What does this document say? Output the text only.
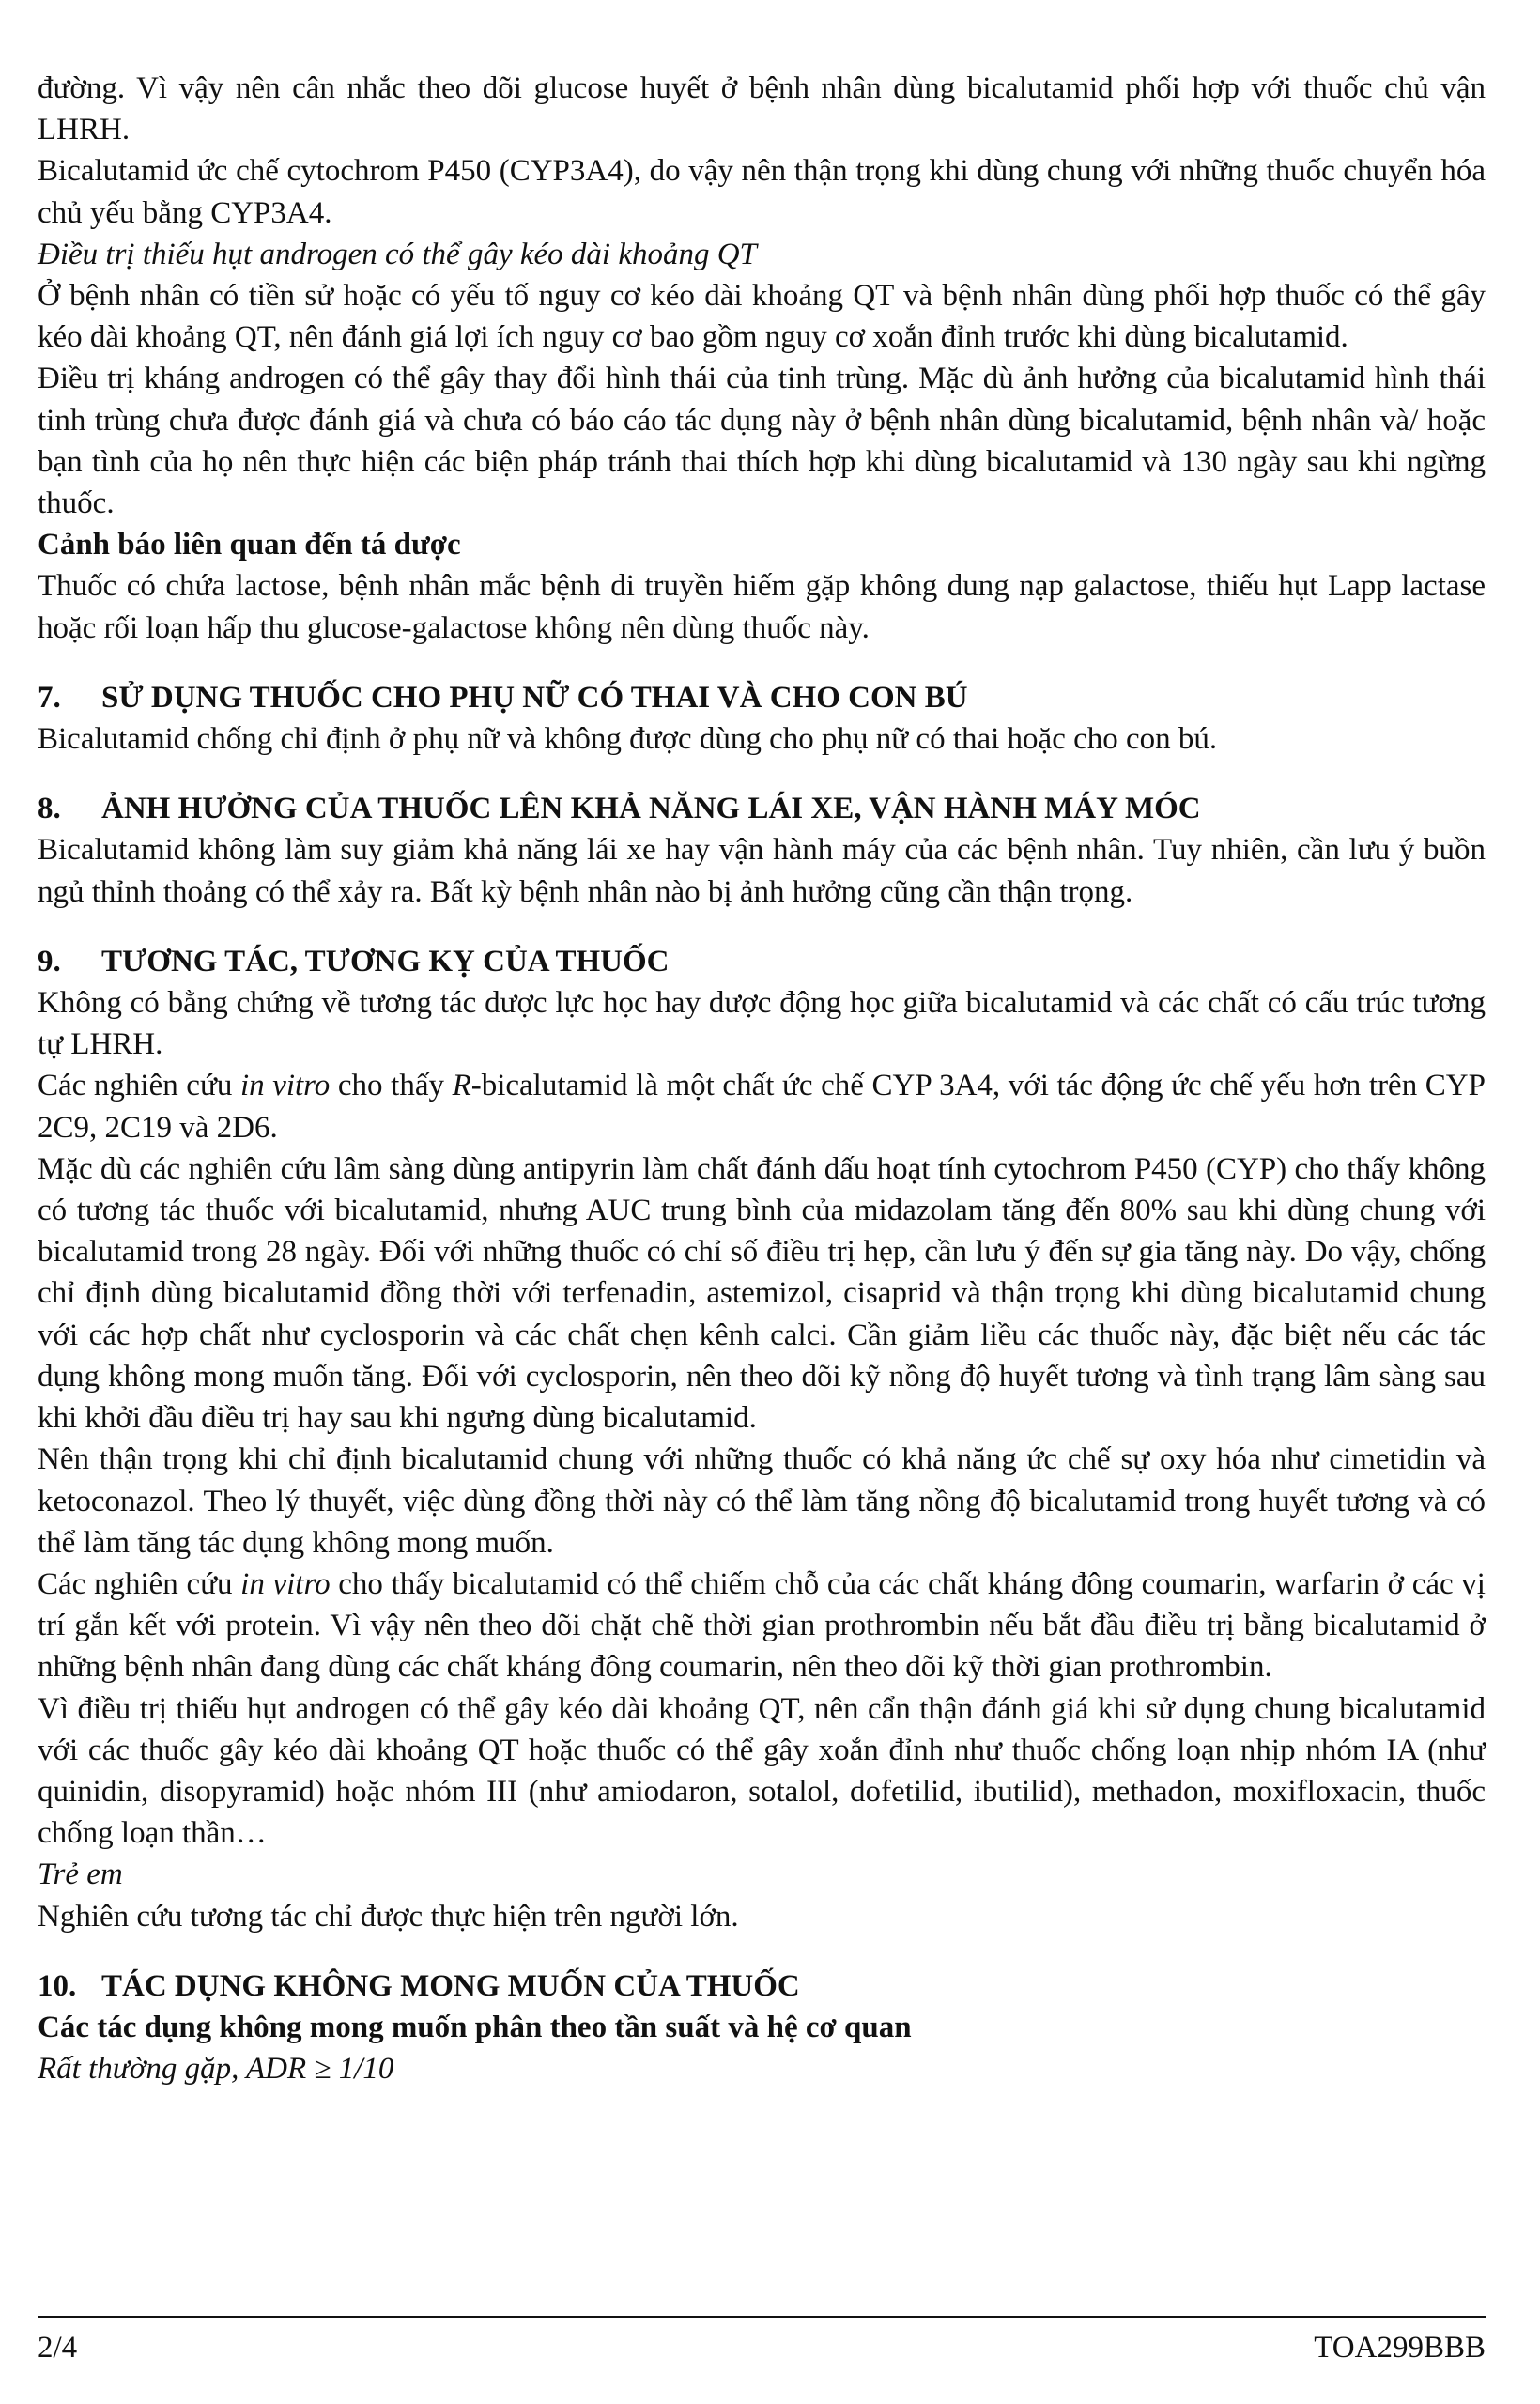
đường. Vì vậy nên cân nhắc theo dõi glucose huyết ở bệnh nhân dùng bicalutamid phối hợp với thuốc chủ vận LHRH.

Bicalutamid ức chế cytochrom P450 (CYP3A4), do vậy nên thận trọng khi dùng chung với những thuốc chuyển hóa chủ yếu bằng CYP3A4.

Điều trị thiếu hụt androgen có thể gây kéo dài khoảng QT

Ở bệnh nhân có tiền sử hoặc có yếu tố nguy cơ kéo dài khoảng QT và bệnh nhân dùng phối hợp thuốc có thể gây kéo dài khoảng QT, nên đánh giá lợi ích nguy cơ bao gồm nguy cơ xoắn đỉnh trước khi dùng bicalutamid.

Điều trị kháng androgen có thể gây thay đổi hình thái của tinh trùng. Mặc dù ảnh hưởng của bicalutamid hình thái tinh trùng chưa được đánh giá và chưa có báo cáo tác dụng này ở bệnh nhân dùng bicalutamid, bệnh nhân và/ hoặc bạn tình của họ nên thực hiện các biện pháp tránh thai thích hợp khi dùng bicalutamid và 130 ngày sau khi ngừng thuốc.

Cảnh báo liên quan đến tá dược

Thuốc có chứa lactose, bệnh nhân mắc bệnh di truyền hiếm gặp không dung nạp galactose, thiếu hụt Lapp lactase hoặc rối loạn hấp thu glucose-galactose không nên dùng thuốc này.

7. SỬ DỤNG THUỐC CHO PHỤ NỮ CÓ THAI VÀ CHO CON BÚ

Bicalutamid chống chỉ định ở phụ nữ và không được dùng cho phụ nữ có thai hoặc cho con bú.

8. ẢNH HƯỞNG CỦA THUỐC LÊN KHẢ NĂNG LÁI XE, VẬN HÀNH MÁY MÓC

Bicalutamid không làm suy giảm khả năng lái xe hay vận hành máy của các bệnh nhân. Tuy nhiên, cần lưu ý buồn ngủ thỉnh thoảng có thể xảy ra. Bất kỳ bệnh nhân nào bị ảnh hưởng cũng cần thận trọng.

9. TƯƠNG TÁC, TƯƠNG KỴ CỦA THUỐC

Không có bằng chứng về tương tác dược lực học hay dược động học giữa bicalutamid và các chất có cấu trúc tương tự LHRH.

Các nghiên cứu in vitro cho thấy R-bicalutamid là một chất ức chế CYP 3A4, với tác động ức chế yếu hơn trên CYP 2C9, 2C19 và 2D6.

Mặc dù các nghiên cứu lâm sàng dùng antipyrin làm chất đánh dấu hoạt tính cytochrom P450 (CYP) cho thấy không có tương tác thuốc với bicalutamid, nhưng AUC trung bình của midazolam tăng đến 80% sau khi dùng chung với bicalutamid trong 28 ngày. Đối với những thuốc có chỉ số điều trị hẹp, cần lưu ý đến sự gia tăng này. Do vậy, chống chỉ định dùng bicalutamid đồng thời với terfenadin, astemizol, cisaprid và thận trọng khi dùng bicalutamid chung với các hợp chất như cyclosporin và các chất chẹn kênh calci. Cần giảm liều các thuốc này, đặc biệt nếu các tác dụng không mong muốn tăng. Đối với cyclosporin, nên theo dõi kỹ nồng độ huyết tương và tình trạng lâm sàng sau khi khởi đầu điều trị hay sau khi ngưng dùng bicalutamid.

Nên thận trọng khi chỉ định bicalutamid chung với những thuốc có khả năng ức chế sự oxy hóa như cimetidin và ketoconazol. Theo lý thuyết, việc dùng đồng thời này có thể làm tăng nồng độ bicalutamid trong huyết tương và có thể làm tăng tác dụng không mong muốn.

Các nghiên cứu in vitro cho thấy bicalutamid có thể chiếm chỗ của các chất kháng đông coumarin, warfarin ở các vị trí gắn kết với protein. Vì vậy nên theo dõi chặt chẽ thời gian prothrombin nếu bắt đầu điều trị bằng bicalutamid ở những bệnh nhân đang dùng các chất kháng đông coumarin, nên theo dõi kỹ thời gian prothrombin.

Vì điều trị thiếu hụt androgen có thể gây kéo dài khoảng QT, nên cẩn thận đánh giá khi sử dụng chung bicalutamid với các thuốc gây kéo dài khoảng QT hoặc thuốc có thể gây xoắn đỉnh như thuốc chống loạn nhịp nhóm IA (như quinidin, disopyramid) hoặc nhóm III (như amiodaron, sotalol, dofetilid, ibutilid), methadon, moxifloxacin, thuốc chống loạn thần…

Trẻ em

Nghiên cứu tương tác chỉ được thực hiện trên người lớn.

10. TÁC DỤNG KHÔNG MONG MUỐN CỦA THUỐC

Các tác dụng không mong muốn phân theo tần suất và hệ cơ quan

Rất thường gặp, ADR ≥ 1/10

2/4	TOA299BBB
